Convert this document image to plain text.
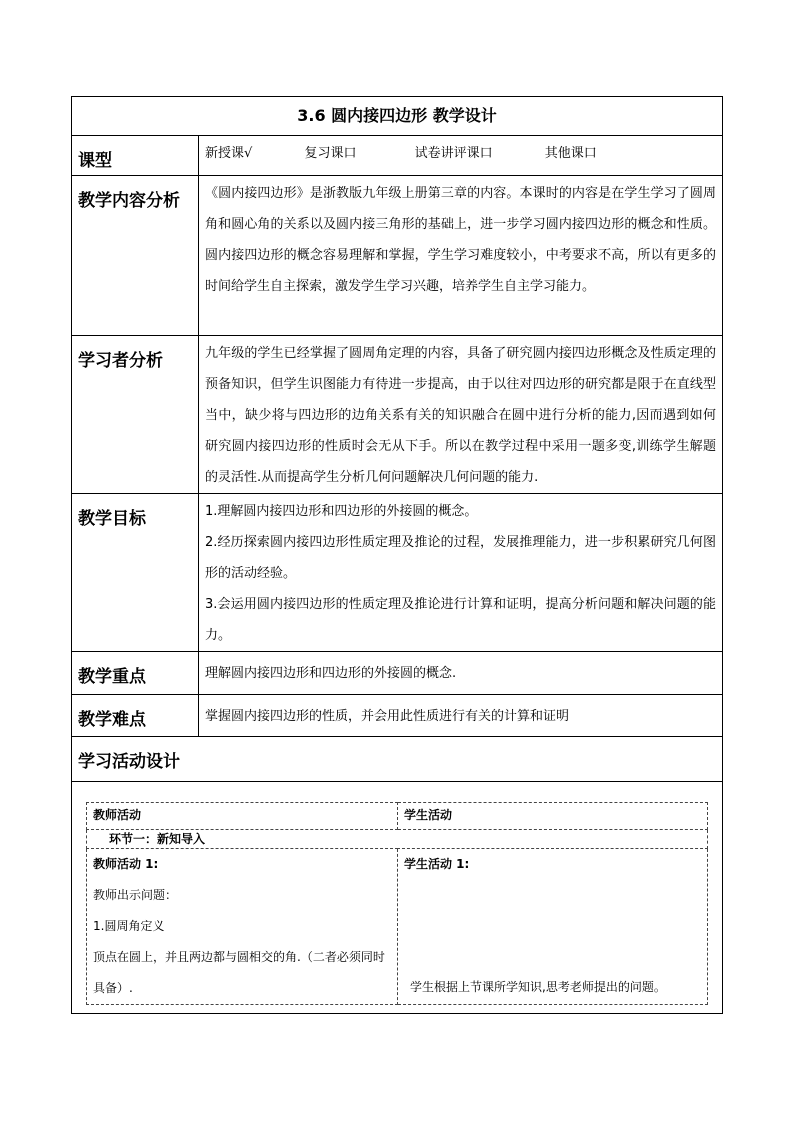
3.6 圆内接四边形 教学设计
课型	新授课√	复习课口	试卷讲评课口	其他课口
教学内容分析	《圆内接四边形》是浙教版九年级上册第三章的内容。本课时的内容是在学生学习了圆周角和圆心角的关系以及圆内接三角形的基础上，进一步学习圆内接四边形的概念和性质。圆内接四边形的概念容易理解和掌握，学生学习难度较小，中考要求不高，所以有更多的时间给学生自主探索，激发学生学习兴趣，培养学生自主学习能力。
学习者分析	九年级的学生已经掌握了圆周角定理的内容，具备了研究圆内接四边形概念及性质定理的预备知识，但学生识图能力有待进一步提高，由于以往对四边形的研究都是限于在直线型当中，缺少将与四边形的边角关系有关的知识融合在圆中进行分析的能力,因而遇到如何研究圆内接四边形的性质时会无从下手。所以在教学过程中采用一题多变,训练学生解题的灵活性.从而提高学生分析几何问题解决几何问题的能力.
教学目标	1.理解圆内接四边形和四边形的外接圆的概念。
2.经历探索圆内接四边形性质定理及推论的过程，发展推理能力，进一步积累研究几何图形的活动经验。
3.会运用圆内接四边形的性质定理及推论进行计算和证明，提高分析问题和解决问题的能力。

教学重点	理解圆内接四边形和四边形的外接圆的概念.
教学难点	掌握圆内接四边形的性质，并会用此性质进行有关的计算和证明
学习活动设计

教师活动	学生活动
环节一：新知导入

教师活动 1:
教师出示问题：
1.圆周角定义
顶点在圆上，并且两边都与圆相交的角.（二者必须同时具备）.

学生活动 1:
学生根据上节课所学知识,思考老师提出的问题。
